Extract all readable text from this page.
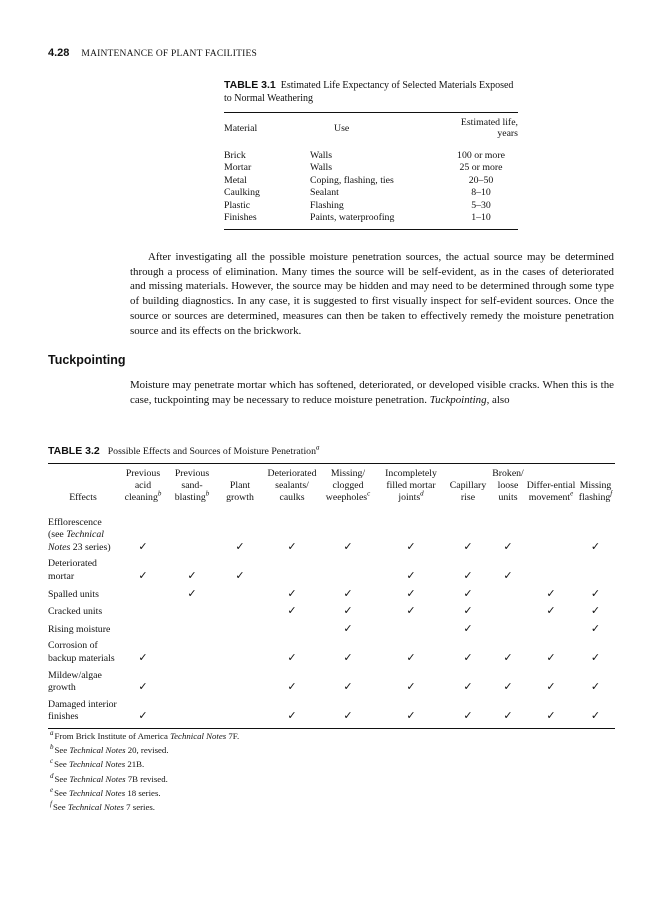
4.28 MAINTENANCE OF PLANT FACILITIES
TABLE 3.1 Estimated Life Expectancy of Selected Materials Exposed to Normal Weathering
Material	Use	Estimated life, years
Brick	Walls	100 or more
Mortar	Walls	25 or more
Metal	Coping, flashing, ties	20–50
Caulking	Sealant	8–10
Plastic	Flashing	5–30
Finishes	Paints, waterproofing	1–10
After investigating all the possible moisture penetration sources, the actual source may be determined through a process of elimination. Many times the source will be self-evident, as in the cases of deteriorated and missing materials. However, the source may be hidden and may need to be determined through some type of building diagnostics. In any case, it is suggested to first visually inspect for self-evident sources. Once the source or sources are determined, measures can then be taken to effectively remedy the moisture penetration source and its effects on the brickwork.
Tuckpointing
Moisture may penetrate mortar which has softened, deteriorated, or developed visible cracks. When this is the case, tuckpointing may be necessary to reduce moisture penetration. Tuckpointing, also
TABLE 3.2 Possible Effects and Sources of Moisture Penetration$^a$
Effects	Previous acid cleaning$^b$	Previous sand-blasting$^b$	Plant growth	Deteriorated sealants/ caulks	Missing/ clogged weepholes$^c$	Incompletely filled mortar joints$^d$	Capillary rise	Broken/ loose units	Differ-ential movement$^e$	Missing flashing$^f$
Efflorescence (see Technical Notes 23 series)	✓		✓	✓	✓	✓	✓	✓		✓
Deteriorated mortar	✓	✓	✓			✓	✓	✓		
Spalled units		✓		✓	✓	✓	✓		✓	✓
Cracked units				✓	✓	✓	✓		✓	✓
Rising moisture					✓		✓			✓
Corrosion of backup materials	✓			✓	✓	✓	✓	✓	✓	✓
Mildew/algae growth	✓			✓	✓	✓	✓	✓	✓	✓
Damaged interior finishes	✓			✓	✓	✓	✓	✓	✓	✓
$^a$From Brick Institute of America Technical Notes 7F.
$^b$See Technical Notes 20, revised.
$^c$See Technical Notes 21B.
$^d$See Technical Notes 7B revised.
$^e$See Technical Notes 18 series.
$^f$See Technical Notes 7 series.
